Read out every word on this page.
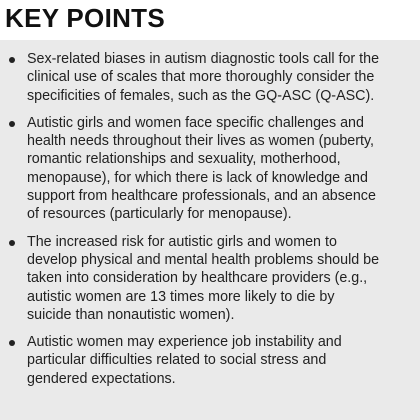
KEY POINTS
Sex-related biases in autism diagnostic tools call for the
clinical use of scales that more thoroughly consider the
specificities of females, such as the GQ-ASC (Q-ASC).
Autistic girls and women face specific challenges and
health needs throughout their lives as women (puberty,
romantic relationships and sexuality, motherhood,
menopause), for which there is lack of knowledge and
support from healthcare professionals, and an absence
of resources (particularly for menopause).
The increased risk for autistic girls and women to
develop physical and mental health problems should be
taken into consideration by healthcare providers (e.g.,
autistic women are 13 times more likely to die by
suicide than nonautistic women).
Autistic women may experience job instability and
particular difficulties related to social stress and
gendered expectations.
